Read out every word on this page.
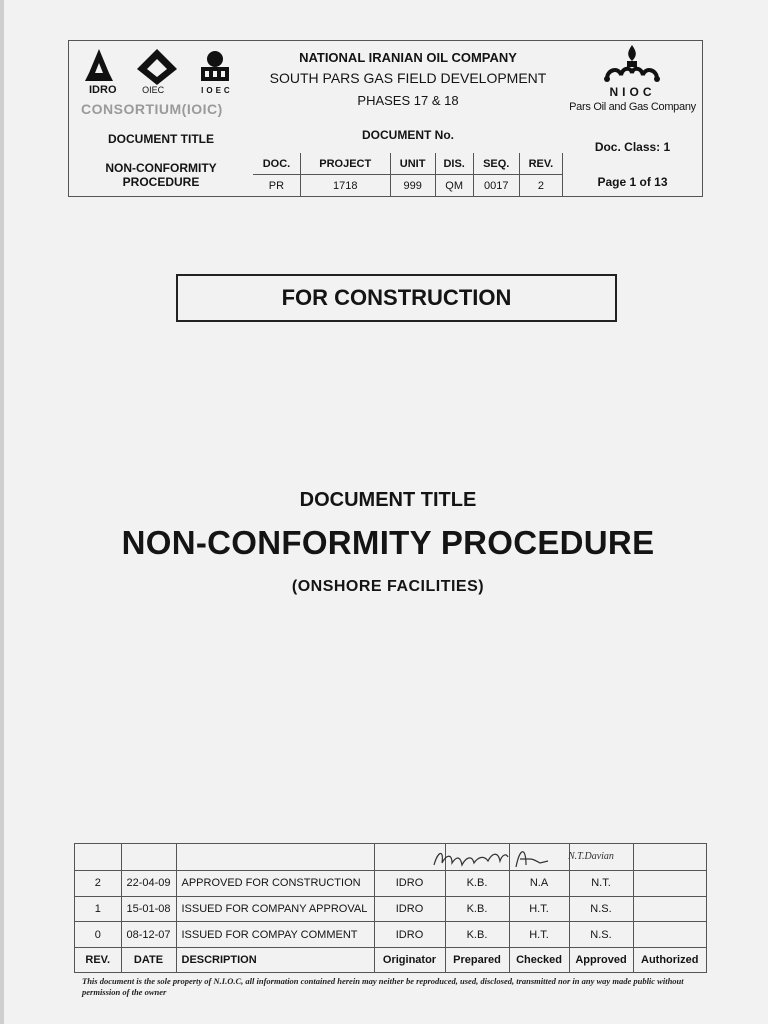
IDRO	OIEC	IOEC
CONSORTIUM(IOIC)
NATIONAL IRANIAN OIL COMPANY
SOUTH PARS GAS FIELD DEVELOPMENT
PHASES 17 & 18
NIOC
Pars Oil and Gas Company
DOCUMENT TITLE	DOCUMENT No.
Doc. Class: 1
NON-CONFORMITY PROCEDURE	Page 1 of 13
DOC.	PROJECT	UNIT	DIS.	SEQ.	REV.
PR	1718	999	QM	0017	2
FOR CONSTRUCTION
DOCUMENT TITLE
NON-CONFORMITY PROCEDURE
(ONSHORE FACILITIES)

2	22-04-09	APPROVED FOR CONSTRUCTION	IDRO	K.B.	N.A	N.T.	
1	15-01-08	ISSUED FOR COMPANY APPROVAL	IDRO	K.B.	H.T.	N.S.	
0	08-12-07	ISSUED FOR COMPAY COMMENT	IDRO	K.B.	H.T.	N.S.	
REV.	DATE	DESCRIPTION	Originator	Prepared	Checked	Approved	Authorized
N.T.Davian
This document is the sole property of N.I.O.C, all information contained herein may neither be reproduced, used, disclosed, transmitted nor in any way made public without permission of the owner
